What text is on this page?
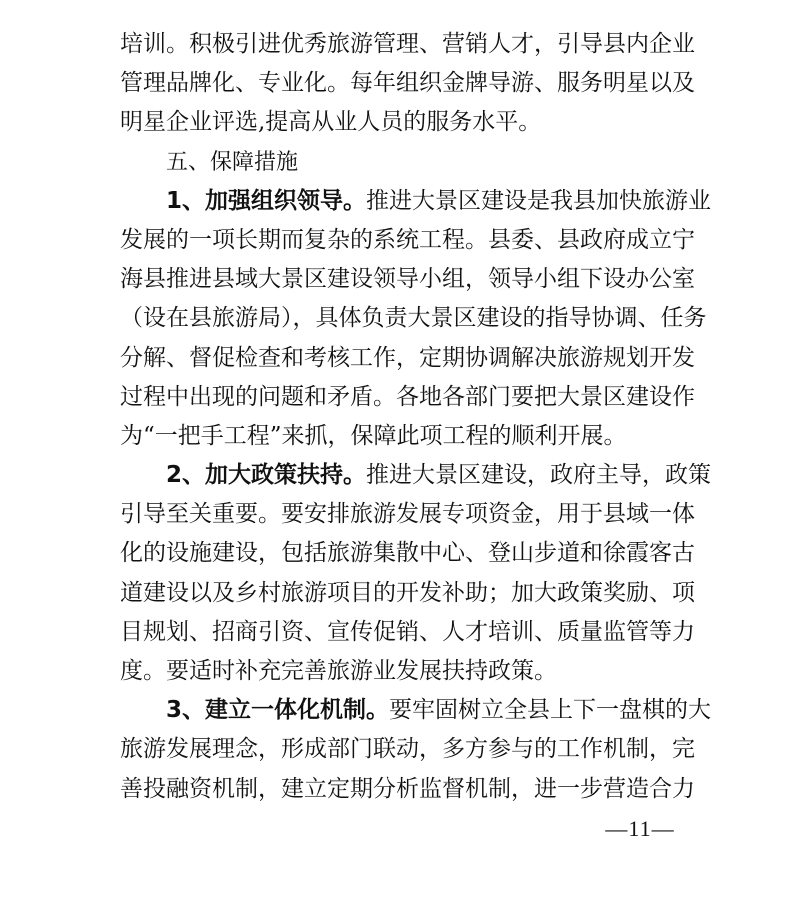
培训。积极引进优秀旅游管理、营销人才，引导县内企业
管理品牌化、专业化。每年组织金牌导游、服务明星以及
明星企业评选,提高从业人员的服务水平。
五、保障措施
1、加强组织领导。推进大景区建设是我县加快旅游业
发展的一项长期而复杂的系统工程。县委、县政府成立宁
海县推进县域大景区建设领导小组，领导小组下设办公室
（设在县旅游局），具体负责大景区建设的指导协调、任务
分解、督促检查和考核工作，定期协调解决旅游规划开发
过程中出现的问题和矛盾。各地各部门要把大景区建设作
为“一把手工程”来抓，保障此项工程的顺利开展。
2、加大政策扶持。推进大景区建设，政府主导，政策
引导至关重要。要安排旅游发展专项资金，用于县域一体
化的设施建设，包括旅游集散中心、登山步道和徐霞客古
道建设以及乡村旅游项目的开发补助；加大政策奖励、项
目规划、招商引资、宣传促销、人才培训、质量监管等力
度。要适时补充完善旅游业发展扶持政策。
3、建立一体化机制。要牢固树立全县上下一盘棋的大
旅游发展理念，形成部门联动，多方参与的工作机制，完
善投融资机制，建立定期分析监督机制，进一步营造合力
—11—
